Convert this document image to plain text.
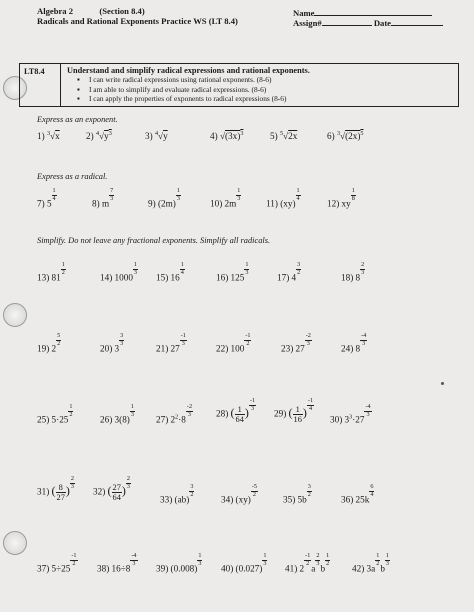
Algebra 2	(Section 8.4)
Radicals and Rational Exponents Practice WS (LT 8.4)
Name
Assign#	Date
LT8.4	Understand and simplify radical expressions and rational exponents.
▪ I can write radical expressions using rational exponents. (8-6)
▪ I am able to simplify and evaluate radical expressions. (8-6)
▪ I can apply the properties of exponents to radical expressions (8-6)
Express as an exponent.
1) $^3$√x	2) $^4√y^3$	3) $^4$√y	4) $√(3x)^3$	5) $^5$√2x	6) $^3√(2x)^5$
Express as a radical.
7) 5
$\frac{1}{4}$
8) m
$\frac{7}{3}$
9) (2m)
$\frac{1}{3}$
10) 2m
$\frac{1}{3}$
11) (xy)
$\frac{1}{4}$
12) xy
$\frac{1}{8}$
Simplify. Do not leave any fractional exponents. Simplify all radicals.
13) 81
$\frac{1}{2}$
14) 1000
$\frac{1}{3}$
15) 16
$\frac{1}{4}$
16) 125
$\frac{1}{3}$
17) 4
$\frac{3}{2}$
18) 8
$\frac{2}{3}$
19) 2
$\frac{5}{2}$
20) 3
$\frac{3}{3}$
21) 27
$\frac{-1}{3}$
22) 100
$\frac{-1}{2}$
23) 27
$\frac{-2}{3}$
24) 8
$\frac{-4}{3}$
25) 5·25
$\frac{1}{2}$
26) 3(8)
$\frac{1}{3}$
27) $2^2\cdot 8$
$\frac{-2}{3} 28$) ( $\frac{1}{64}$ )
$\frac{-1}{3}$
29) ( $\frac{1}{16}$ )
$\frac{-1}{4}$
30) $3^3\cdot 27$
$\frac{-4}{3}$
31) ( $\frac{8}{27}$ )
$\frac{2}{3}$
32) ( $\frac{27}{64}$ )
$\frac{2}{3}$
33) (ab)
$\frac{3}{2}$
34) (xy)
$\frac{-5}{2}$
35) 5b
$\frac{3}{2}$
36) 25k
$\frac{6}{4}$
37) 5÷25
$\frac{-1}{2}$
38) 16÷8
$\frac{-4}{3}$
39) (0.008)
$\frac{1}{3}$
40) (0.027)
$\frac{1}{3}$
41) 2
$\frac{-1}{2}$
a
$\frac{2}{3}$
b
$\frac{1}{2}$
42) 3a
$\frac{1}{2}$
b
$\frac{1}{3}$
